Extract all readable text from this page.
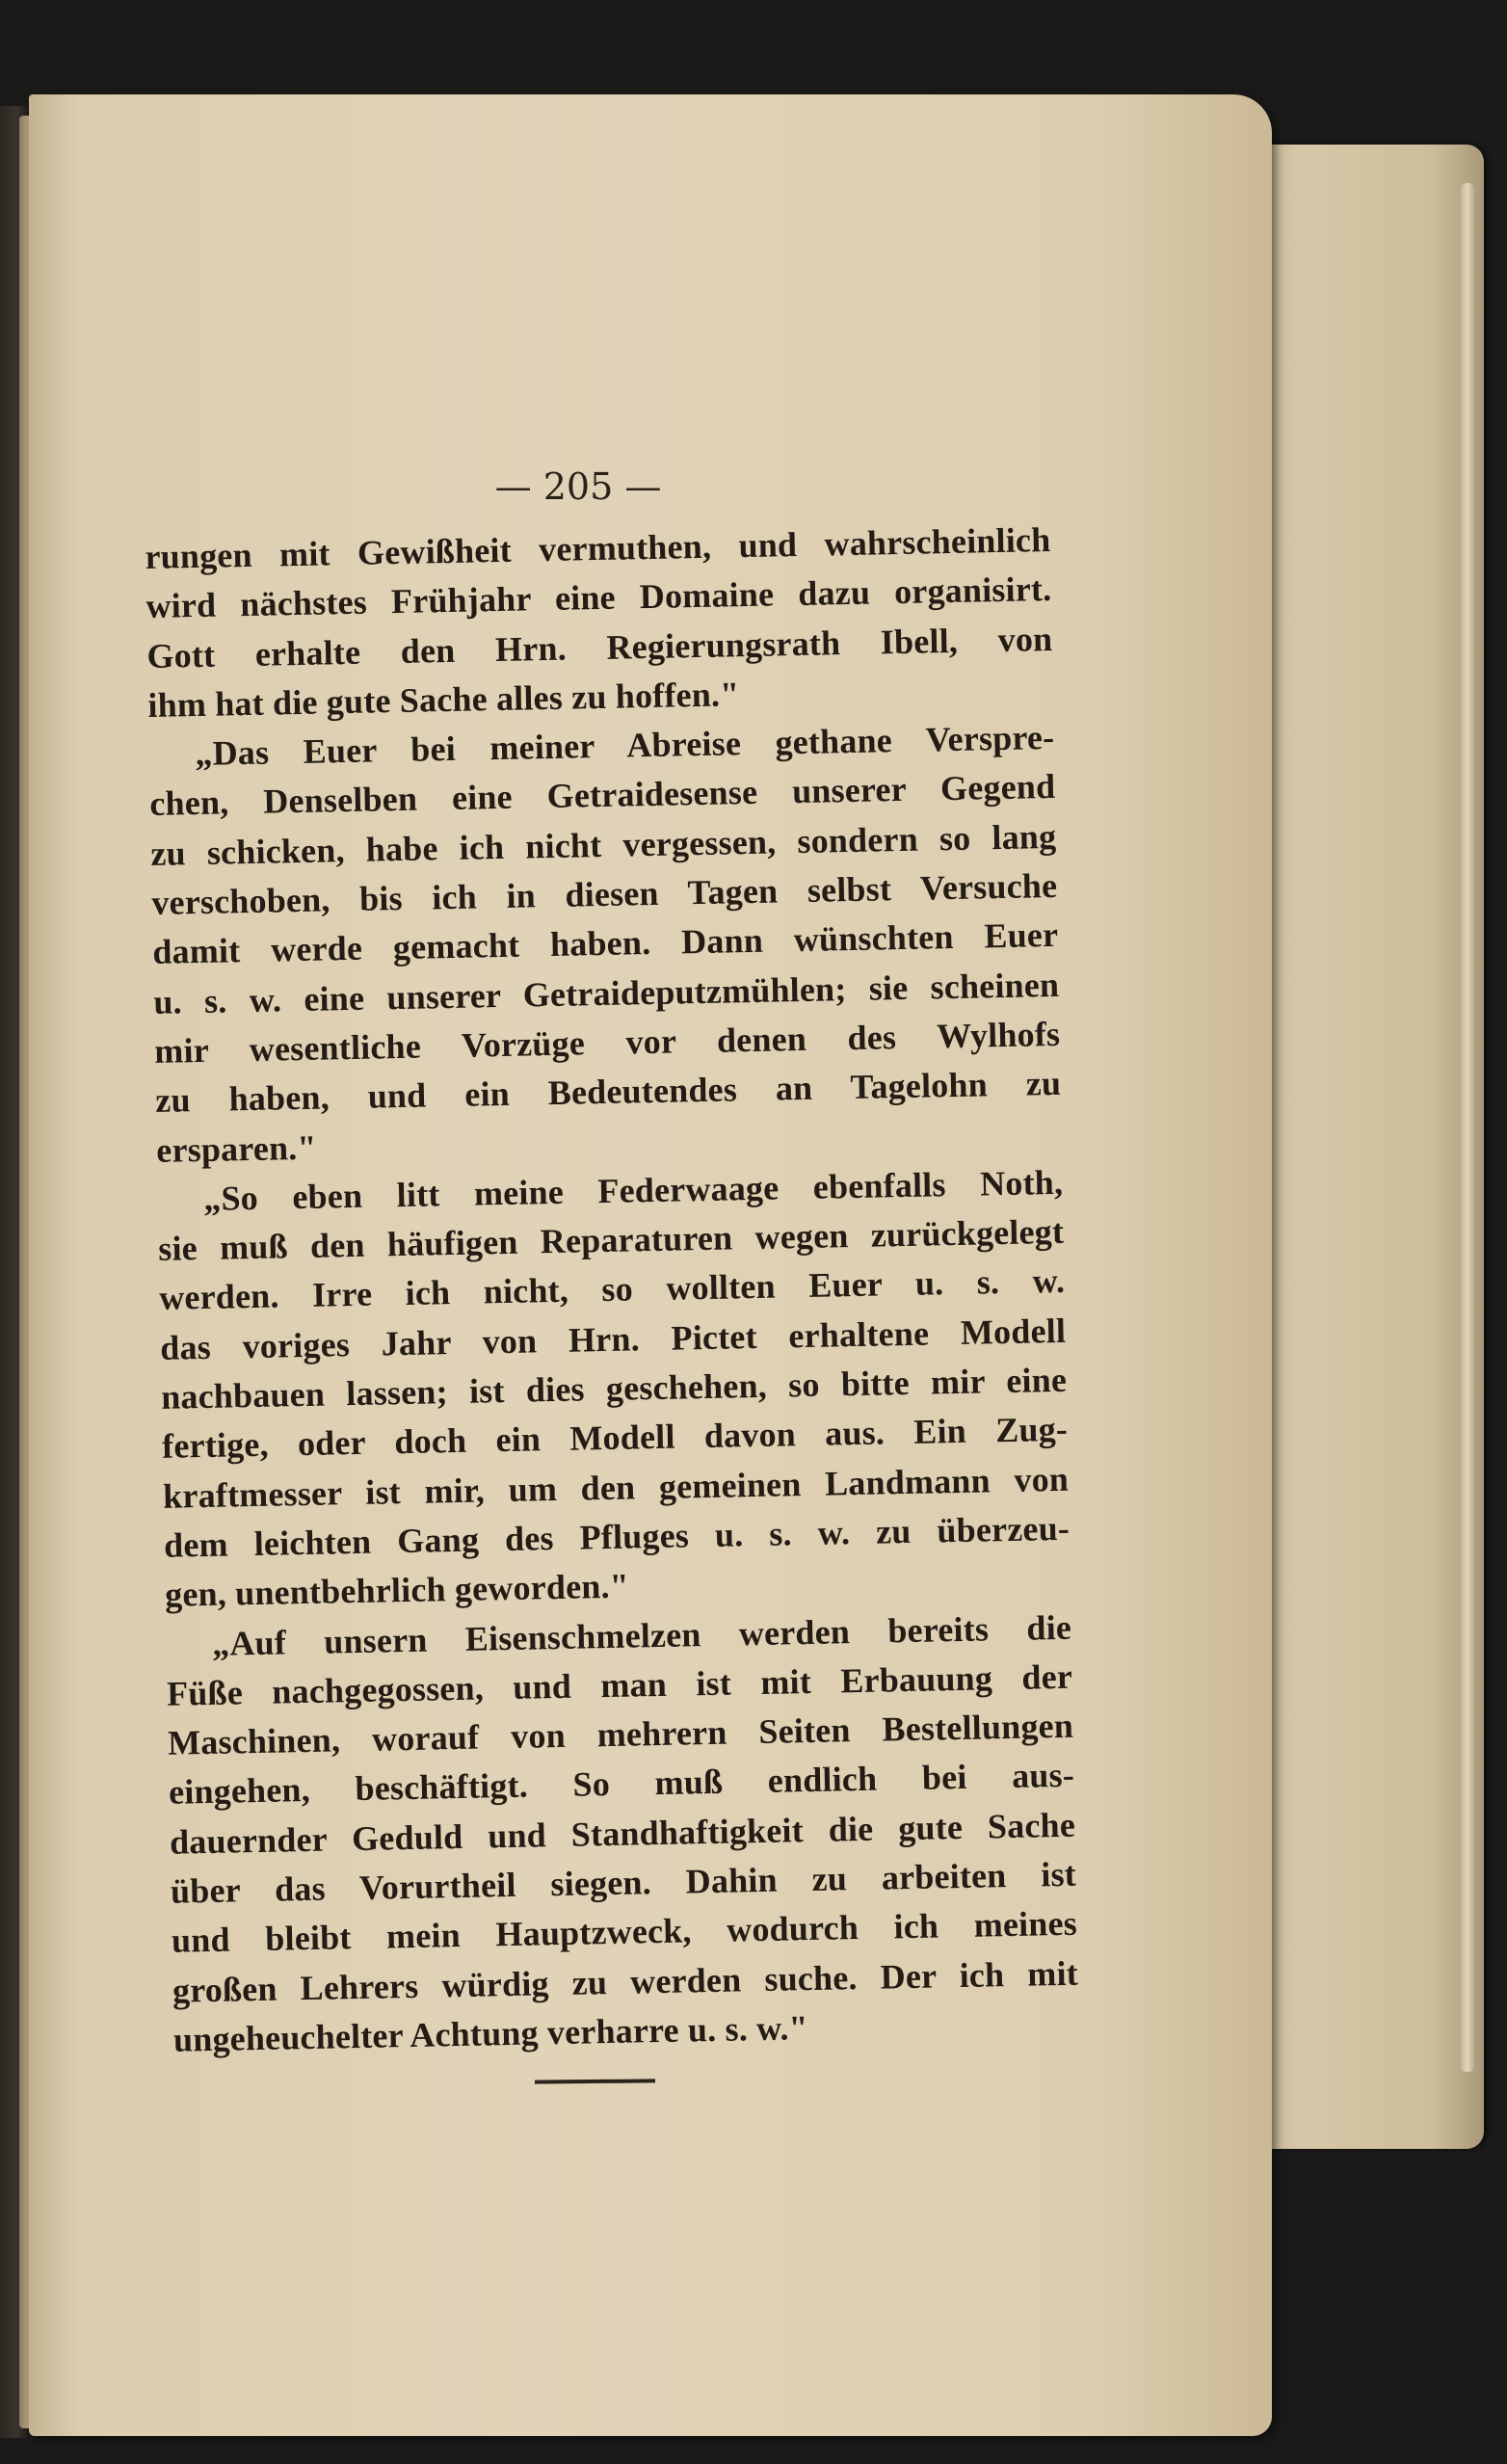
— 205 —
rungen mit Gewißheit vermuthen, und wahrscheinlich
wird nächstes Frühjahr eine Domaine dazu organisirt.
Gott erhalte den Hrn. Regierungsrath Ibell, von
ihm hat die gute Sache alles zu hoffen."
„Das Euer bei meiner Abreise gethane Verspre-
chen, Denselben eine Getraidesense unserer Gegend
zu schicken, habe ich nicht vergessen, sondern so lang
verschoben, bis ich in diesen Tagen selbst Versuche
damit werde gemacht haben. Dann wünschten Euer
u. s. w. eine unserer Getraideputzmühlen; sie scheinen
mir wesentliche Vorzüge vor denen des Wylhofs
zu haben, und ein Bedeutendes an Tagelohn zu
ersparen."
„So eben litt meine Federwaage ebenfalls Noth,
sie muß den häufigen Reparaturen wegen zurückgelegt
werden. Irre ich nicht, so wollten Euer u. s. w.
das voriges Jahr von Hrn. Pictet erhaltene Modell
nachbauen lassen; ist dies geschehen, so bitte mir eine
fertige, oder doch ein Modell davon aus. Ein Zug-
kraftmesser ist mir, um den gemeinen Landmann von
dem leichten Gang des Pfluges u. s. w. zu überzeu-
gen, unentbehrlich geworden."
„Auf unsern Eisenschmelzen werden bereits die
Füße nachgegossen, und man ist mit Erbauung der
Maschinen, worauf von mehrern Seiten Bestellungen
eingehen, beschäftigt. So muß endlich bei aus-
dauernder Geduld und Standhaftigkeit die gute Sache
über das Vorurtheil siegen. Dahin zu arbeiten ist
und bleibt mein Hauptzweck, wodurch ich meines
großen Lehrers würdig zu werden suche. Der ich mit
ungeheuchelter Achtung verharre u. s. w."
